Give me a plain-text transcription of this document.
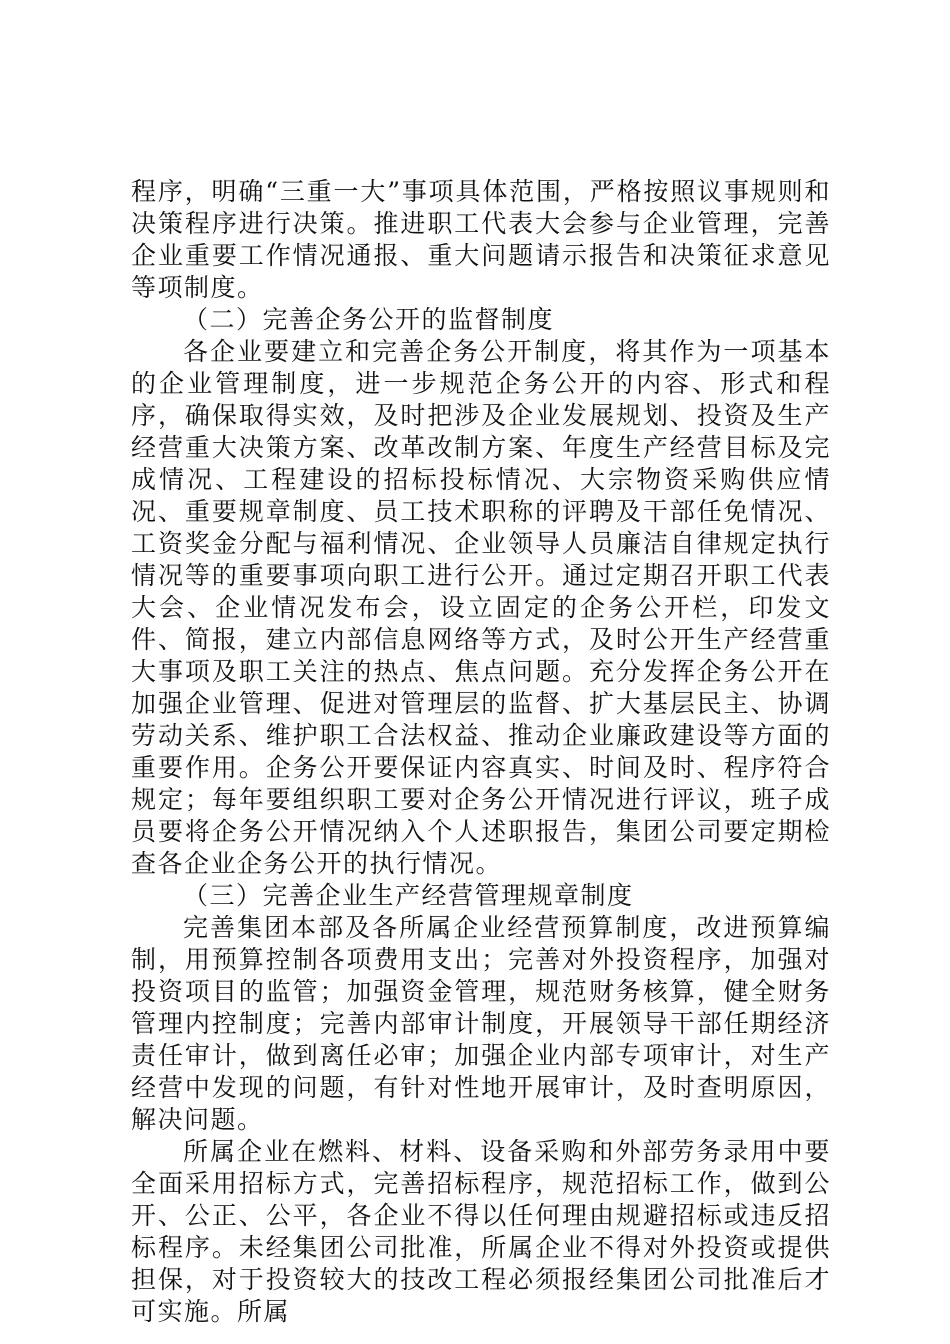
程序，明确“三重一大”事项具体范围，严格按照议事规则和决策程序进行决策。推进职工代表大会参与企业管理，完善企业重要工作情况通报、重大问题请示报告和决策征求意见等项制度。

（二）完善企务公开的监督制度

各企业要建立和完善企务公开制度，将其作为一项基本的企业管理制度，进一步规范企务公开的内容、形式和程序，确保取得实效，及时把涉及企业发展规划、投资及生产经营重大决策方案、改革改制方案、年度生产经营目标及完成情况、工程建设的招标投标情况、大宗物资采购供应情况、重要规章制度、员工技术职称的评聘及干部任免情况、工资奖金分配与福利情况、企业领导人员廉洁自律规定执行情况等的重要事项向职工进行公开。通过定期召开职工代表大会、企业情况发布会，设立固定的企务公开栏，印发文件、简报，建立内部信息网络等方式，及时公开生产经营重大事项及职工关注的热点、焦点问题。充分发挥企务公开在加强企业管理、促进对管理层的监督、扩大基层民主、协调劳动关系、维护职工合法权益、推动企业廉政建设等方面的重要作用。企务公开要保证内容真实、时间及时、程序符合规定；每年要组织职工要对企务公开情况进行评议，班子成员要将企务公开情况纳入个人述职报告，集团公司要定期检查各企业企务公开的执行情况。

（三）完善企业生产经营管理规章制度

完善集团本部及各所属企业经营预算制度，改进预算编制，用预算控制各项费用支出；完善对外投资程序，加强对投资项目的监管；加强资金管理，规范财务核算，健全财务管理内控制度；完善内部审计制度，开展领导干部任期经济责任审计，做到离任必审；加强企业内部专项审计，对生产经营中发现的问题，有针对性地开展审计，及时查明原因，解决问题。

所属企业在燃料、材料、设备采购和外部劳务录用中要全面采用招标方式，完善招标程序，规范招标工作，做到公开、公正、公平，各企业不得以任何理由规避招标或违反招标程序。未经集团公司批准，所属企业不得对外投资或提供担保，对于投资较大的技改工程必须报经集团公司批准后才可实施。所属
